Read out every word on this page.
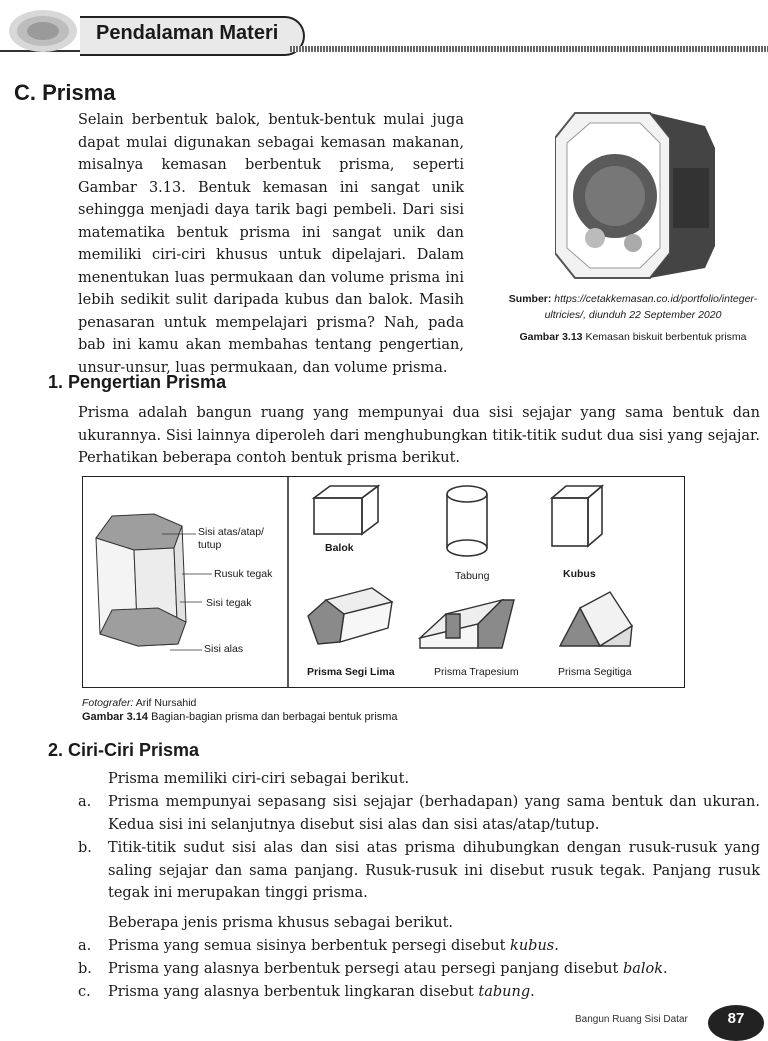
Pendalaman Materi
C. Prisma
Selain berbentuk balok, bentuk-bentuk mulai juga dapat mulai digunakan sebagai kemasan makanan, misalnya kemasan berbentuk prisma, seperti Gambar 3.13. Bentuk kemasan ini sangat unik sehingga menjadi daya tarik bagi pembeli. Dari sisi matematika bentuk prisma ini sangat unik dan memiliki ciri-ciri khusus untuk dipelajari. Dalam menentukan luas permukaan dan volume prisma ini lebih sedikit sulit daripada kubus dan balok. Masih penasaran untuk mempelajari prisma? Nah, pada bab ini kamu akan membahas tentang pengertian, unsur-unsur, luas permukaan, dan volume prisma.
Sumber: https://cetakkemasan.co.id/portfolio/integer-ultricies/, diunduh 22 September 2020
Gambar 3.13 Kemasan biskuit berbentuk prisma
1. Pengertian Prisma
Prisma adalah bangun ruang yang mempunyai dua sisi sejajar yang sama bentuk dan ukurannya. Sisi lainnya diperoleh dari menghubungkan titik-titik sudut dua sisi yang sejajar. Perhatikan beberapa contoh bentuk prisma berikut.
Sisi atas/atap/
tutup
Rusuk tegak
Sisi tegak
Sisi alas
Balok
Tabung	Kubus
Prisma Segi Lima	Prisma Trapesium	Prisma Segitiga
Fotografer: Arif Nursahid
Gambar 3.14 Bagian-bagian prisma dan berbagai bentuk prisma
2. Ciri-Ciri Prisma
Prisma memiliki ciri-ciri sebagai berikut.
a. Prisma mempunyai sepasang sisi sejajar (berhadapan) yang sama bentuk dan ukuran. Kedua sisi ini selanjutnya disebut sisi alas dan sisi atas/atap/tutup.
b. Titik-titik sudut sisi alas dan sisi atas prisma dihubungkan dengan rusuk-rusuk yang saling sejajar dan sama panjang. Rusuk-rusuk ini disebut rusuk tegak. Panjang rusuk tegak ini merupakan tinggi prisma.
Beberapa jenis prisma khusus sebagai berikut.
a. Prisma yang semua sisinya berbentuk persegi disebut kubus.
b. Prisma yang alasnya berbentuk persegi atau persegi panjang disebut balok.
c. Prisma yang alasnya berbentuk lingkaran disebut tabung.
Bangun Ruang Sisi Datar	87
